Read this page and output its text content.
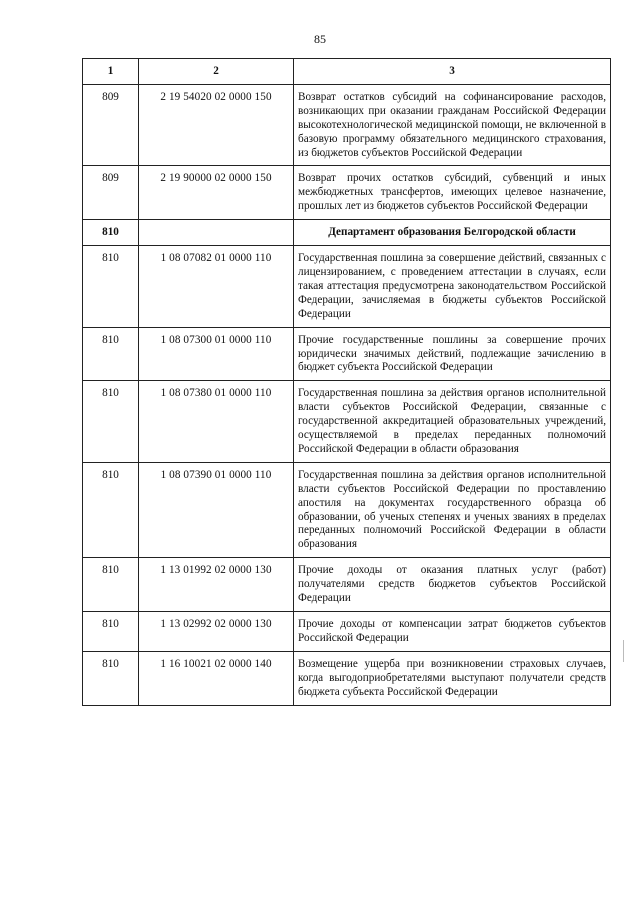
85
1	2	3
809	2 19 54020 02 0000 150	Возврат остатков субсидий на софинансирование расходов, возникающих при оказании гражданам Российской Федерации высокотехнологической медицинской помощи, не включенной в базовую программу обязательного медицинского страхования, из бюджетов субъектов Российской Федерации
809	2 19 90000 02 0000 150	Возврат прочих остатков субсидий, субвенций и иных межбюджетных трансфертов, имеющих целевое назначение, прошлых лет из бюджетов субъектов Российской Федерации
810		Департамент образования Белгородской области
810	1 08 07082 01 0000 110	Государственная пошлина за совершение действий, связанных с лицензированием, с проведением аттестации в случаях, если такая аттестация предусмотрена законодательством Российской Федерации, зачисляемая в бюджеты субъектов Российской Федерации
810	1 08 07300 01 0000 110	Прочие государственные пошлины за совершение прочих юридически значимых действий, подлежащие зачислению в бюджет субъекта Российской Федерации
810	1 08 07380 01 0000 110	Государственная пошлина за действия органов исполнительной власти субъектов Российской Федерации, связанные с государственной аккредитацией образовательных учреждений, осуществляемой в пределах переданных полномочий Российской Федерации в области образования
810	1 08 07390 01 0000 110	Государственная пошлина за действия органов исполнительной власти субъектов Российской Федерации по проставлению апостиля на документах государственного образца об образовании, об ученых степенях и ученых званиях в пределах переданных полномочий Российской Федерации в области образования
810	1 13 01992 02 0000 130	Прочие доходы от оказания платных услуг (работ) получателями средств бюджетов субъектов Российской Федерации
810	1 13 02992 02 0000 130	Прочие доходы от компенсации затрат бюджетов субъектов Российской Федерации
810	1 16 10021 02 0000 140	Возмещение ущерба при возникновении страховых случаев, когда выгодоприобретателями выступают получатели средств бюджета субъекта Российской Федерации
